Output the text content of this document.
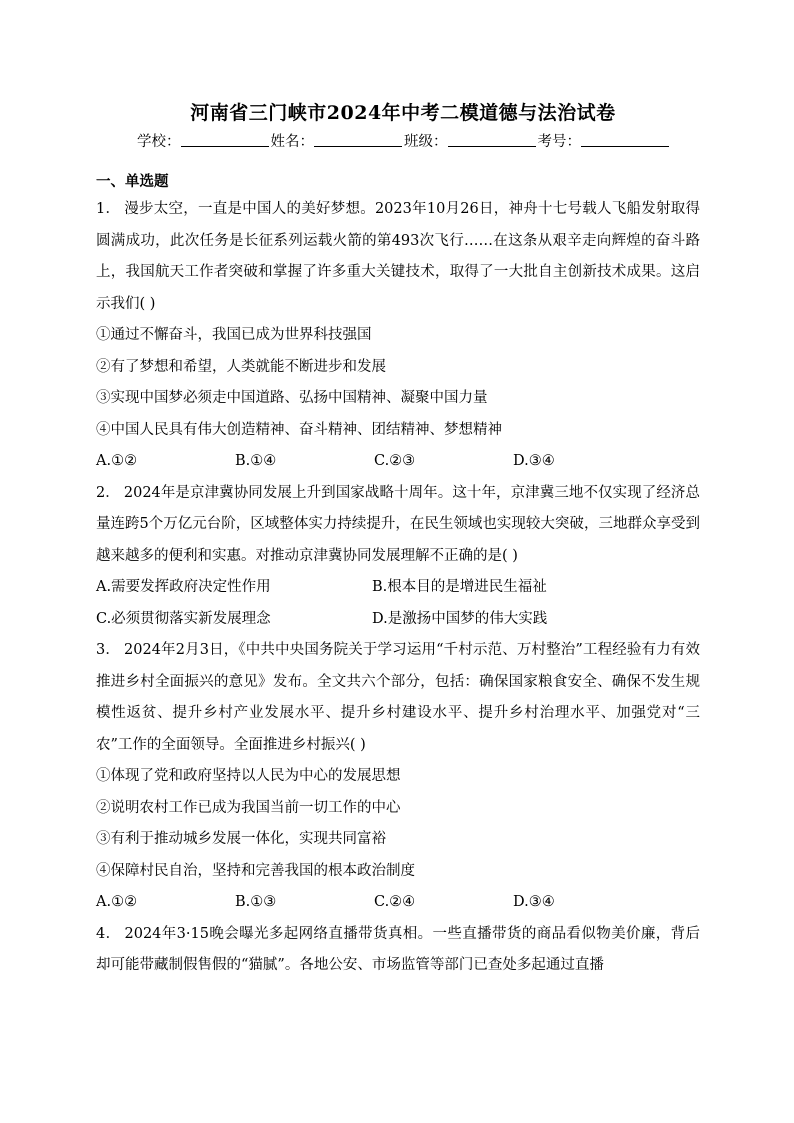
河南省三门峡市2024年中考二模道德与法治试卷
学校：	姓名：	班级：	考号：
一、单选题
1． 漫步太空，一直是中国人的美好梦想。2023年10月26日，神舟十七号载人飞船发射取得圆满成功，此次任务是长征系列运载火箭的第493次飞行……在这条从艰辛走向辉煌的奋斗路上，我国航天工作者突破和掌握了许多重大关键技术，取得了一大批自主创新技术成果。这启示我们( )
①通过不懈奋斗，我国已成为世界科技强国
②有了梦想和希望，人类就能不断进步和发展
③实现中国梦必须走中国道路、弘扬中国精神、凝聚中国力量
④中国人民具有伟大创造精神、奋斗精神、团结精神、梦想精神
A.①②	B.①④	C.②③	D.③④
2． 2024年是京津冀协同发展上升到国家战略十周年。这十年，京津冀三地不仅实现了经济总量连跨5个万亿元台阶，区域整体实力持续提升，在民生领域也实现较大突破，三地群众享受到越来越多的便利和实惠。对推动京津冀协同发展理解不正确的是( )
A.需要发挥政府决定性作用	B.根本目的是增进民生福祉
C.必须贯彻落实新发展理念	D.是激扬中国梦的伟大实践
3． 2024年2月3日，《中共中央国务院关于学习运用“千村示范、万村整治”工程经验有力有效推进乡村全面振兴的意见》发布。全文共六个部分，包括：确保国家粮食安全、确保不发生规模性返贫、提升乡村产业发展水平、提升乡村建设水平、提升乡村治理水平、加强党对“三农”工作的全面领导。全面推进乡村振兴( )
①体现了党和政府坚持以人民为中心的发展思想
②说明农村工作已成为我国当前一切工作的中心
③有利于推动城乡发展一体化，实现共同富裕
④保障村民自治，坚持和完善我国的根本政治制度
A.①②	B.①③	C.②④	D.③④
4． 2024年3·15晚会曝光多起网络直播带货真相。一些直播带货的商品看似物美价廉，背后却可能带藏制假售假的“猫腻”。各地公安、市场监管等部门已查处多起通过直播
